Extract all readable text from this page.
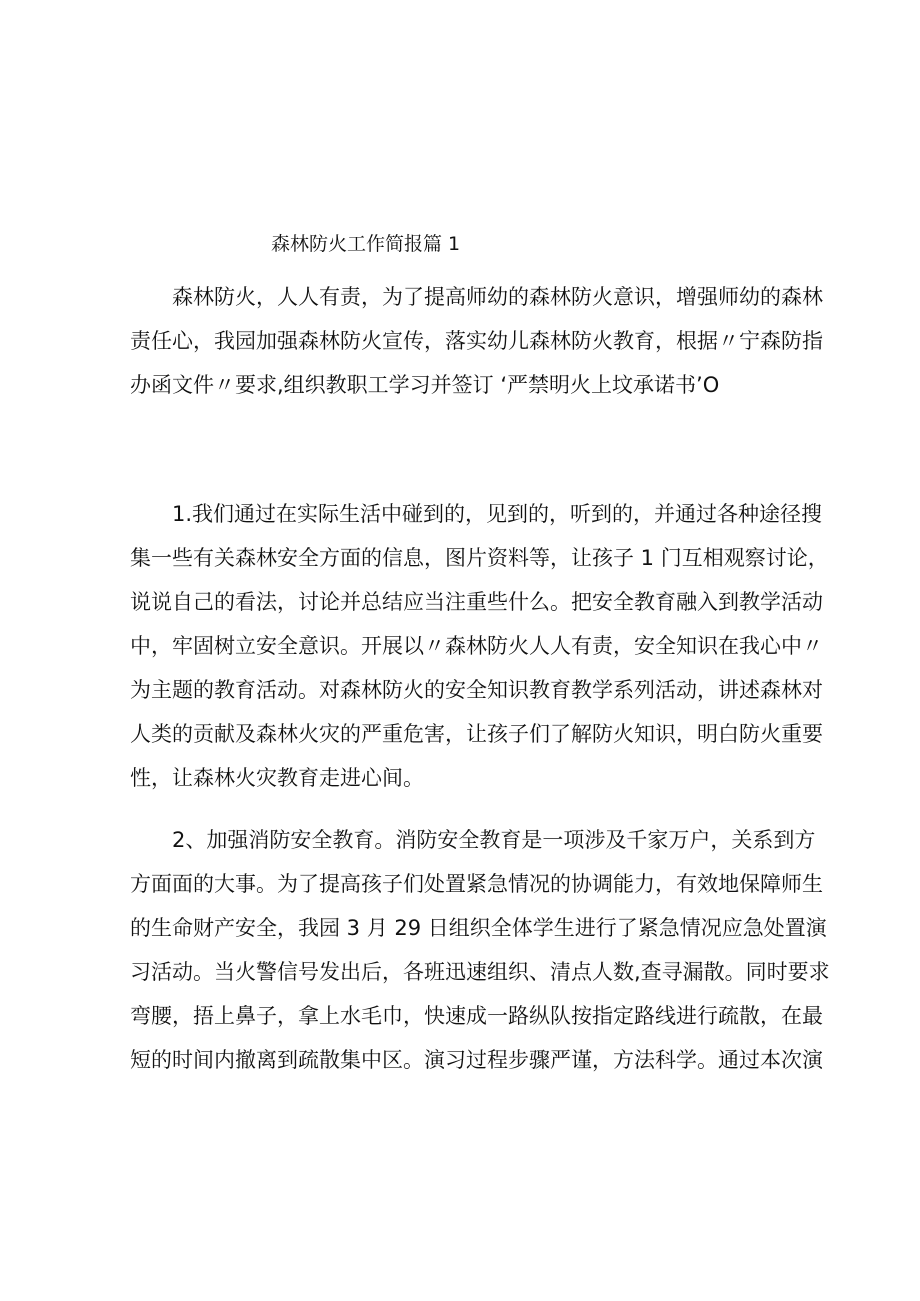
森林防火工作简报篇 1
　　森林防火，人人有责，为了提高师幼的森林防火意识，增强师幼的森林
责任心，我园加强森林防火宣传，落实幼儿森林防火教育，根据〃宁森防指
办函文件〃要求,组织教职工学习并签订 ‘严禁明火上坟承诺书’O
　　1.我们通过在实际生活中碰到的，见到的，听到的，并通过各种途径搜
集一些有关森林安全方面的信息，图片资料等，让孩子 1 门互相观察讨论，
说说自己的看法，讨论并总结应当注重些什么。把安全教育融入到教学活动
中，牢固树立安全意识。开展以〃森林防火人人有责，安全知识在我心中〃
为主题的教育活动。对森林防火的安全知识教育教学系列活动，讲述森林对
人类的贡献及森林火灾的严重危害，让孩子们了解防火知识，明白防火重要
性，让森林火灾教育走进心间。
　　2、加强消防安全教育。消防安全教育是一项涉及千家万户，关系到方
方面面的大事。为了提高孩子们处置紧急情况的协调能力，有效地保障师生
的生命财产安全，我园 3 月 29 日组织全体学生进行了紧急情况应急处置演
习活动。当火警信号发出后，各班迅速组织、清点人数,查寻漏散。同时要求
弯腰，捂上鼻子，拿上水毛巾，快速成一路纵队按指定路线进行疏散，在最
短的时间内撤离到疏散集中区。演习过程步骤严谨，方法科学。通过本次演
